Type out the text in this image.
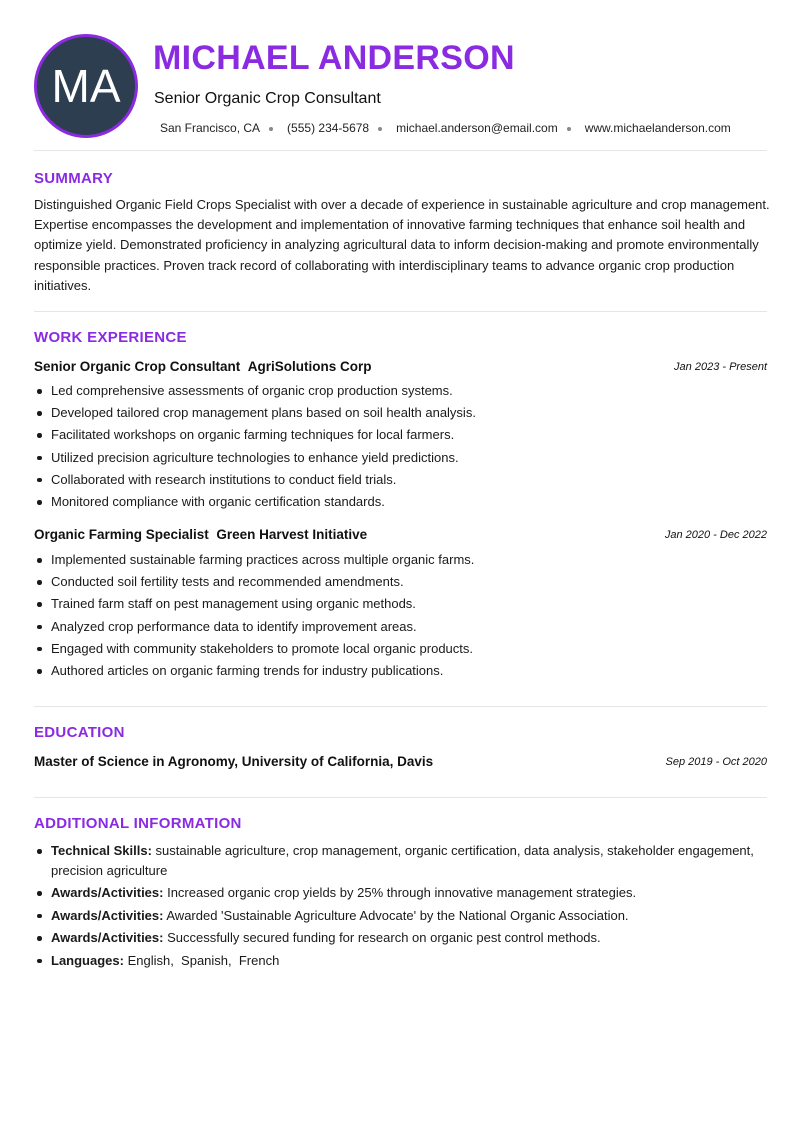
MA
MICHAEL ANDERSON
Senior Organic Crop Consultant
San Francisco, CA (555) 234-5678 michael.anderson@email.com www.michaelanderson.com
SUMMARY
Distinguished Organic Field Crops Specialist with over a decade of experience in sustainable agriculture and crop management. Expertise encompasses the development and implementation of innovative farming techniques that enhance soil health and optimize yield. Demonstrated proficiency in analyzing agricultural data to inform decision-making and promote environmentally responsible practices. Proven track record of collaborating with interdisciplinary teams to advance organic crop production initiatives.
WORK EXPERIENCE
Senior Organic Crop Consultant AgriSolutions Corp	Jan 2023 - Present
Led comprehensive assessments of organic crop production systems.
Developed tailored crop management plans based on soil health analysis.
Facilitated workshops on organic farming techniques for local farmers.
Utilized precision agriculture technologies to enhance yield predictions.
Collaborated with research institutions to conduct field trials.
Monitored compliance with organic certification standards.
Organic Farming Specialist Green Harvest Initiative	Jan 2020 - Dec 2022
Implemented sustainable farming practices across multiple organic farms.
Conducted soil fertility tests and recommended amendments.
Trained farm staff on pest management using organic methods.
Analyzed crop performance data to identify improvement areas.
Engaged with community stakeholders to promote local organic products.
Authored articles on organic farming trends for industry publications.
EDUCATION
Master of Science in Agronomy, University of California, Davis	Sep 2019 - Oct 2020
ADDITIONAL INFORMATION
Technical Skills: sustainable agriculture, crop management, organic certification, data analysis, stakeholder engagement, precision agriculture
Awards/Activities: Increased organic crop yields by 25% through innovative management strategies.
Awards/Activities: Awarded 'Sustainable Agriculture Advocate' by the National Organic Association.
Awards/Activities: Successfully secured funding for research on organic pest control methods.
Languages: English,  Spanish,  French
